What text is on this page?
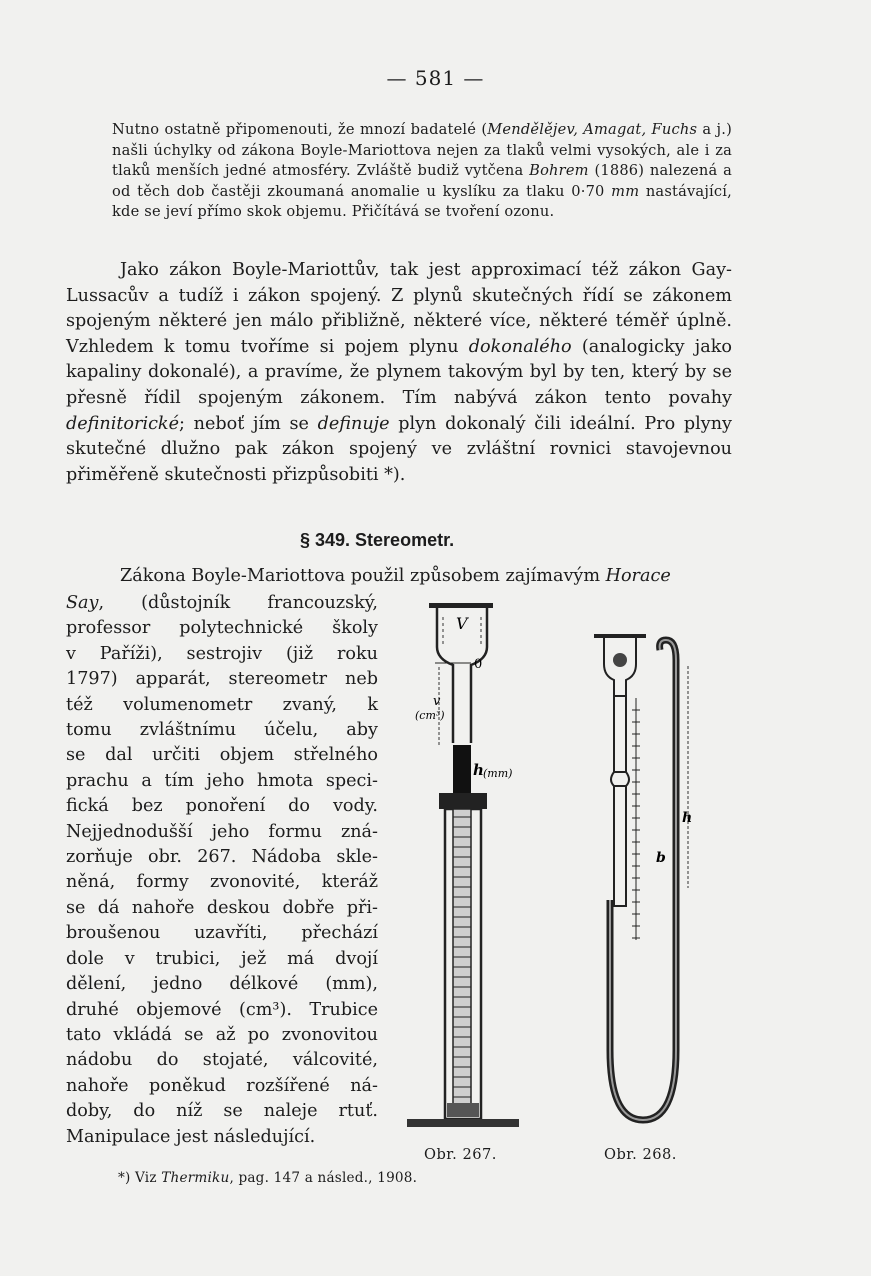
— 581 —
Nutno ostatně připomenouti, že mnozí badatelé (Mendělějev, Amagat, Fuchs a j.) našli úchylky od zákona Boyle-Mariottova nejen za tlaků velmi vysokých, ale i za tlaků menších jedné atmosféry. Zvláště budiž vytčena Bohrem (1886) nalezená a od těch dob častěji zkoumaná anomalie u kyslíku za tlaku 0·70 mm nastávající, kde se jeví přímo skok objemu. Přičítává se tvoření ozonu.

Jako zákon Boyle-Mariottův, tak jest approximací též zákon Gay-Lussacův a tudíž i zákon spojený. Z plynů skutečných řídí se zákonem spojeným některé jen málo přibližně, některé více, některé téměř úplně. Vzhledem k tomu tvoříme si pojem plynu dokonalého (analogicky jako kapaliny dokonalé), a pravíme, že plynem takovým byl by ten, který by se přesně řídil spojeným zákonem. Tím nabývá zákon tento povahy definitorické; neboť jím se definuje plyn dokonalý čili ideální. Pro plyny skutečné dlužno pak zákon spojený ve zvláštní rovnici stavojevnou přiměřeně skutečnosti přizpůsobiti *).

§ 349. Stereometr.
Zákona Boyle-Mariottova použil způsobem zajímavým Horace
Say, (důstojník francouzský,
professor polytechnické školy
v Paříži), sestrojiv (již roku
1797) apparát, stereometr neb
též volumenometr zvaný, k
tomu zvláštnímu účelu, aby
se dal určiti objem střelného
prachu a tím jeho hmota speci-
fická bez ponoření do vody.
Nejjednodušší jeho formu zná-
zorňuje obr. 267. Nádoba skle-
něná, formy zvonovité, kteráž
se dá nahoře deskou dobře při-
broušenou uzavříti, přechází
dole v trubici, jež má dvojí
dělení, jedno délkové (mm),
druhé objemové (cm³). Trubice
tato vkládá se až po zvonovitou
nádobu do stojaté, válcovité,
nahoře poněkud rozšířené ná-
doby, do níž se naleje rtuť.
Manipulace jest následující.
V
0
v
(cm³)
h (mm)
Obr. 267.
h
b
Obr. 268.
*) Viz Thermiku, pag. 147 a násled., 1908.
